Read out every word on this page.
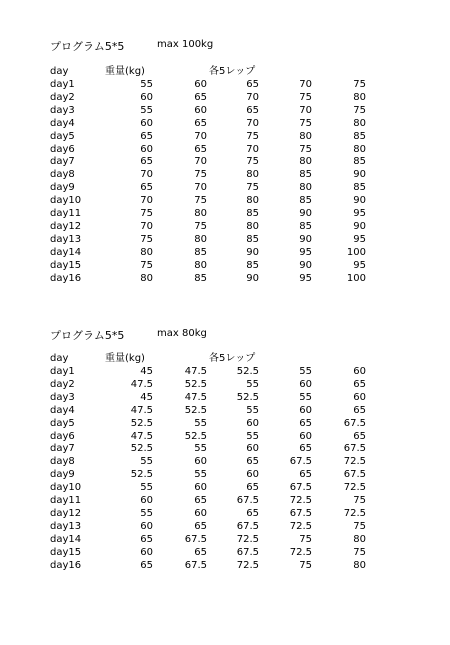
プログラム5*5	max 100kg
day	重量(kg)	各5レップ
day1	55	60	65	70	75
day2	60	65	70	75	80
day3	55	60	65	70	75
day4	60	65	70	75	80
day5	65	70	75	80	85
day6	60	65	70	75	80
day7	65	70	75	80	85
day8	70	75	80	85	90
day9	65	70	75	80	85
day10	70	75	80	85	90
day11	75	80	85	90	95
day12	70	75	80	85	90
day13	75	80	85	90	95
day14	80	85	90	95	100
day15	75	80	85	90	95
day16	80	85	90	95	100
プログラム5*5	max 80kg
day	重量(kg)	各5レップ
day1	45	47.5	52.5	55	60
day2	47.5	52.5	55	60	65
day3	45	47.5	52.5	55	60
day4	47.5	52.5	55	60	65
day5	52.5	55	60	65	67.5
day6	47.5	52.5	55	60	65
day7	52.5	55	60	65	67.5
day8	55	60	65	67.5	72.5
day9	52.5	55	60	65	67.5
day10	55	60	65	67.5	72.5
day11	60	65	67.5	72.5	75
day12	55	60	65	67.5	72.5
day13	60	65	67.5	72.5	75
day14	65	67.5	72.5	75	80
day15	60	65	67.5	72.5	75
day16	65	67.5	72.5	75	80
